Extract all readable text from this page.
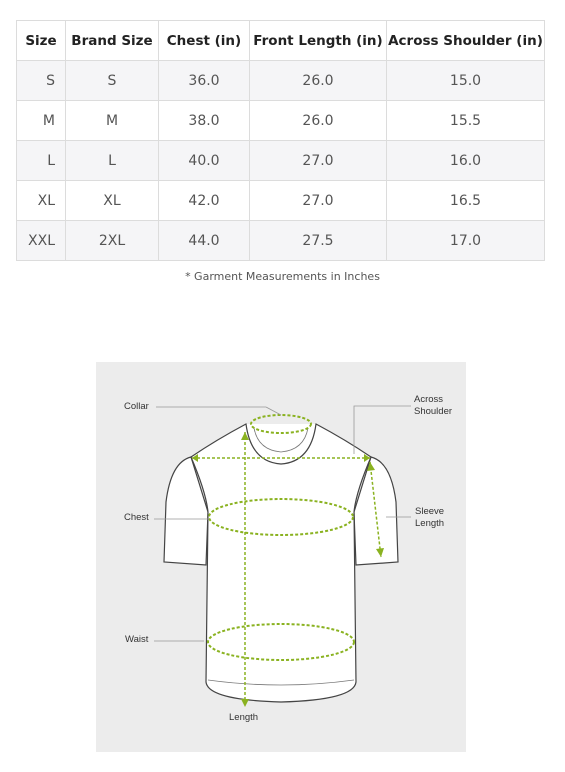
Size	Brand Size	Chest (in)	Front Length (in)	Across Shoulder (in)
S	S	36.0	26.0	15.0
M	M	38.0	26.0	15.5
L	L	40.0	27.0	16.0
XL	XL	42.0	27.0	16.5
XXL	2XL	44.0	27.5	17.0
* Garment Measurements in Inches
Collar
Across
Shoulder
Chest
Sleeve
Length
Waist
Length
